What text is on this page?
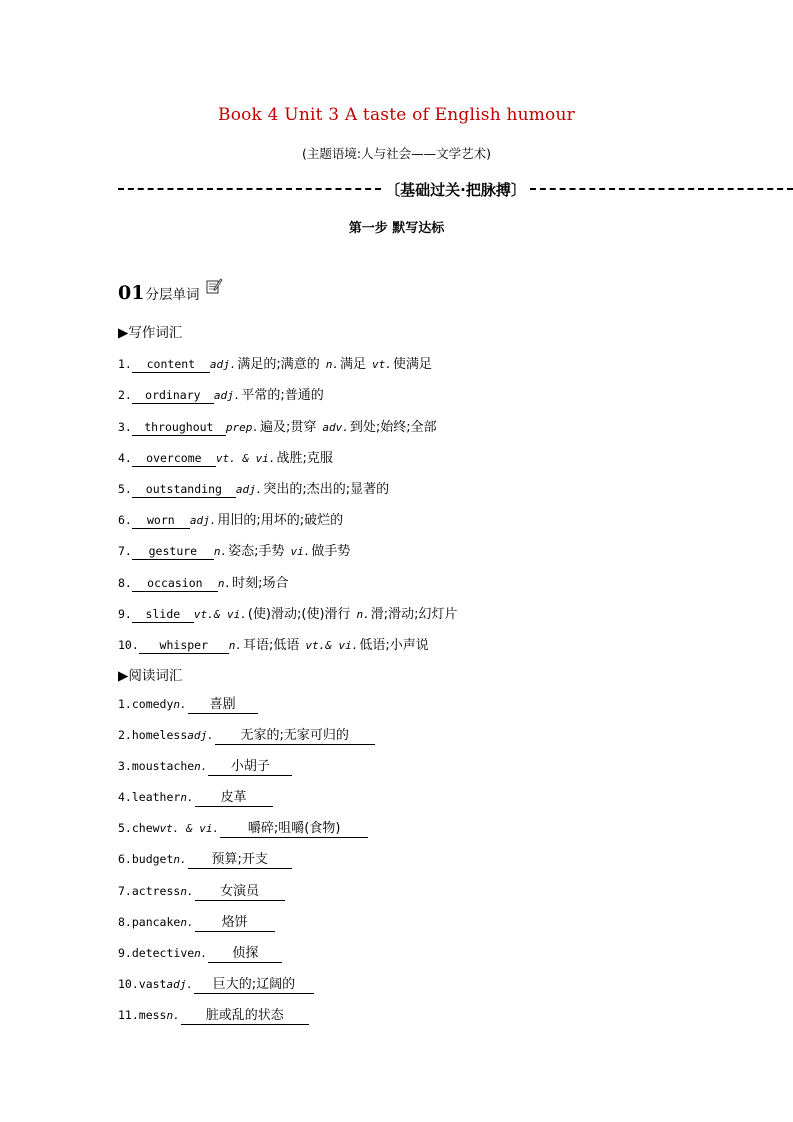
Book 4 Unit 3 A taste of English humour
(主题语境:人与社会——文学艺术)
〔基础过关·把脉搏〕
第一步 默写达标
01 分层单词
▶写作词汇
1.	content	adj. 满足的;满意的 n. 满足 vt. 使满足
2.	ordinary	adj. 平常的;普通的
3.	throughout	prep. 遍及;贯穿 adv. 到处;始终;全部
4.	overcome	vt. & vi. 战胜;克服
5.	outstanding	adj. 突出的;杰出的;显著的
6.	worn	adj. 用旧的;用坏的;破烂的
7.	gesture	n. 姿态;手势 vi. 做手势
8.	occasion	n. 时刻;场合
9.	slide	vt.& vi. (使)滑动;(使)滑行 n. 滑;滑动;幻灯片
10.	whisper	n. 耳语;低语 vt.& vi. 低语;小声说
▶阅读词汇
1. comedy n.	喜剧
2. homeless adj.	无家的;无家可归的
3. moustache n.	小胡子
4. leather n.	皮革
5. chew vt. & vi.	嚼碎;咀嚼(食物)
6. budget n.	预算;开支
7. actress n.	女演员
8. pancake n.	烙饼
9. detective n.	侦探
10. vast adj.	巨大的;辽阔的
11. mess n.	脏或乱的状态
